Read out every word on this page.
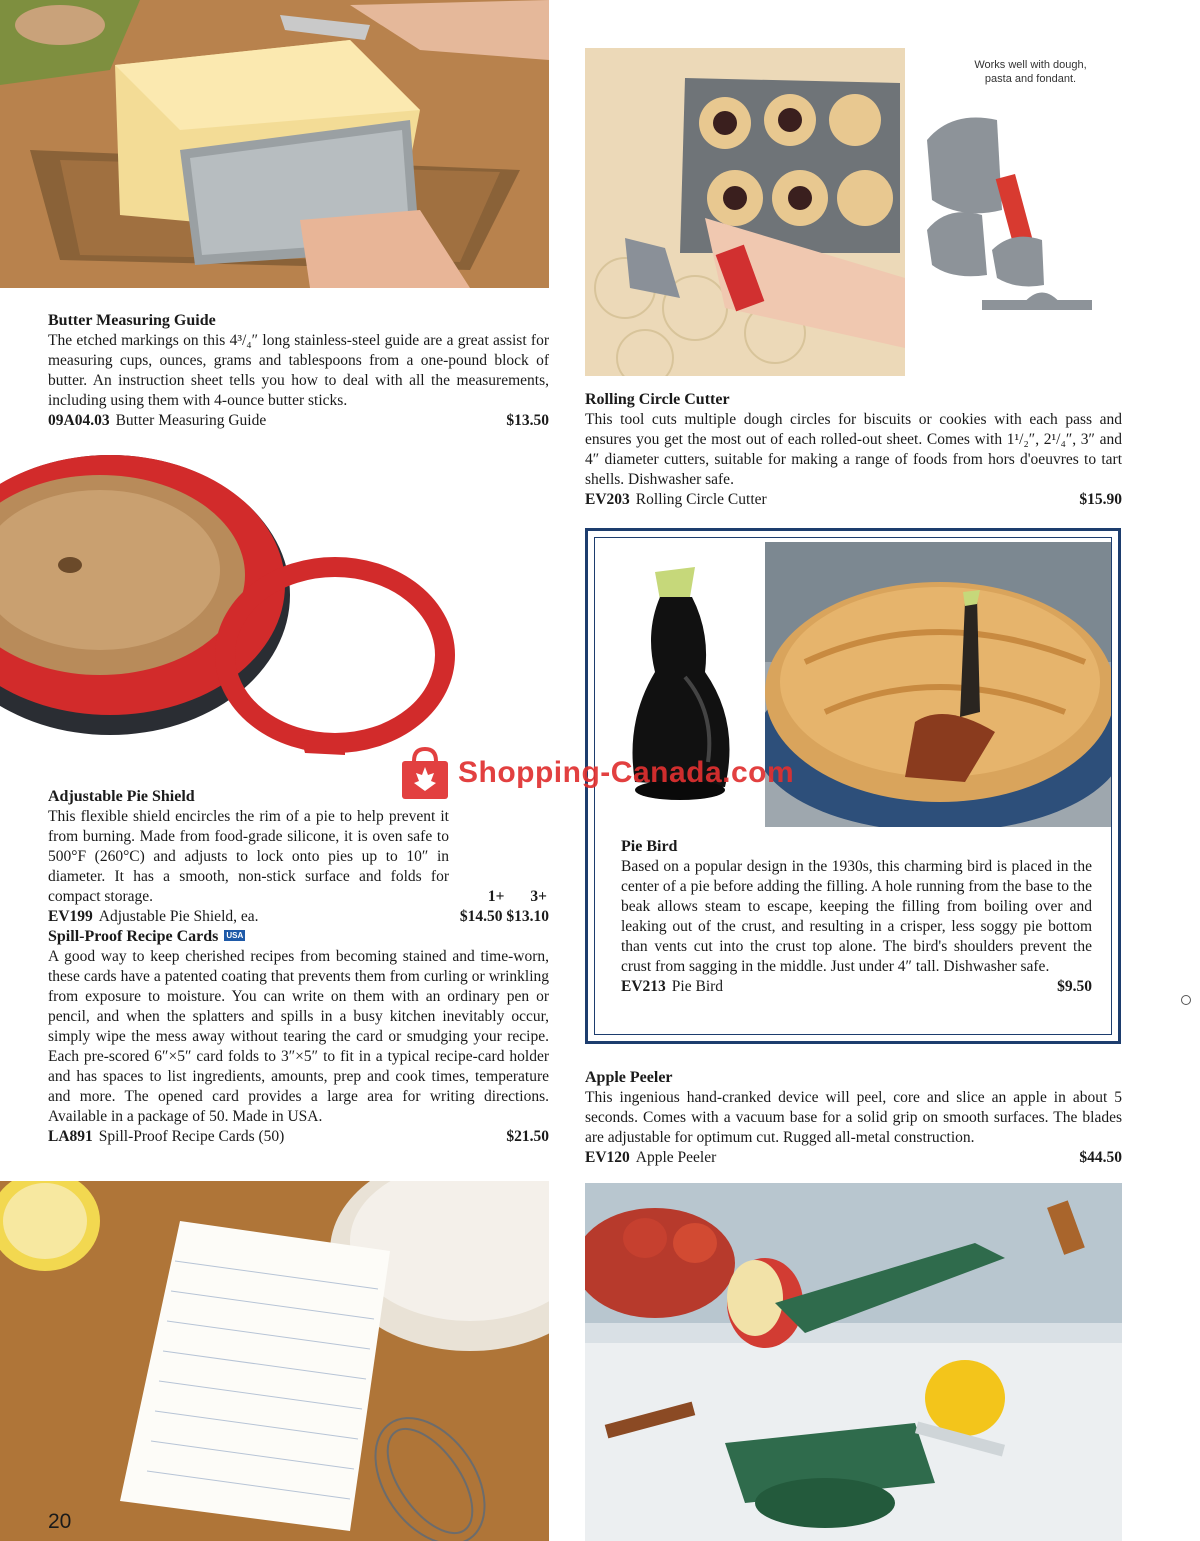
Works well with dough, pasta and fondant.
Butter Measuring Guide
The etched markings on this 4³/₄″ long stainless-steel guide are a great assist for measuring cups, ounces, grams and tablespoons from a one-pound block of butter. An instruction sheet tells you how to deal with all the measurements, including using them with 4-ounce butter sticks.
09A04.03 Butter Measuring Guide	$13.50
Rolling Circle Cutter
This tool cuts multiple dough circles for biscuits or cookies with each pass and ensures you get the most out of each rolled-out sheet. Comes with 1¹/₂″, 2¹/₄″, 3″ and 4″ diameter cutters, suitable for making a range of foods from hors d'oeuvres to tart shells. Dishwasher safe.
EV203 Rolling Circle Cutter	$15.90
Adjustable Pie Shield
This flexible shield encircles the rim of a pie to help prevent it from burning. Made from food-grade silicone, it is oven safe to 500°F (260°C) and adjusts to lock onto pies up to 10″ in diameter. It has a smooth, non-stick surface and folds for compact storage.	1+ 3+
EV199 Adjustable Pie Shield, ea.	$14.50 $13.10
Spill-Proof Recipe Cards USA
A good way to keep cherished recipes from becoming stained and time-worn, these cards have a patented coating that prevents them from curling or wrinkling from exposure to moisture. You can write on them with an ordinary pen or pencil, and when the splatters and spills in a busy kitchen inevitably occur, simply wipe the mess away without tearing the card or smudging your recipe. Each pre-scored 6″×5″ card folds to 3″×5″ to fit in a typical recipe-card holder and has spaces to list ingredients, amounts, prep and cook times, temperature and more. The opened card provides a large area for writing directions. Available in a package of 50. Made in USA.
LA891 Spill-Proof Recipe Cards (50)	$21.50
Pie Bird
Based on a popular design in the 1930s, this charming bird is placed in the center of a pie before adding the filling. A hole running from the base to the beak allows steam to escape, keeping the filling from boiling over and leaking out of the crust, and resulting in a crisper, less soggy pie bottom than vents cut into the crust top alone. The bird's shoulders prevent the crust from sagging in the middle. Just under 4″ tall. Dishwasher safe.
EV213 Pie Bird	$9.50
Apple Peeler
This ingenious hand-cranked device will peel, core and slice an apple in about 5 seconds. Comes with a vacuum base for a solid grip on smooth surfaces. The blades are adjustable for optimum cut. Rugged all-metal construction.
EV120 Apple Peeler	$44.50
Shopping-Canada.com
20
